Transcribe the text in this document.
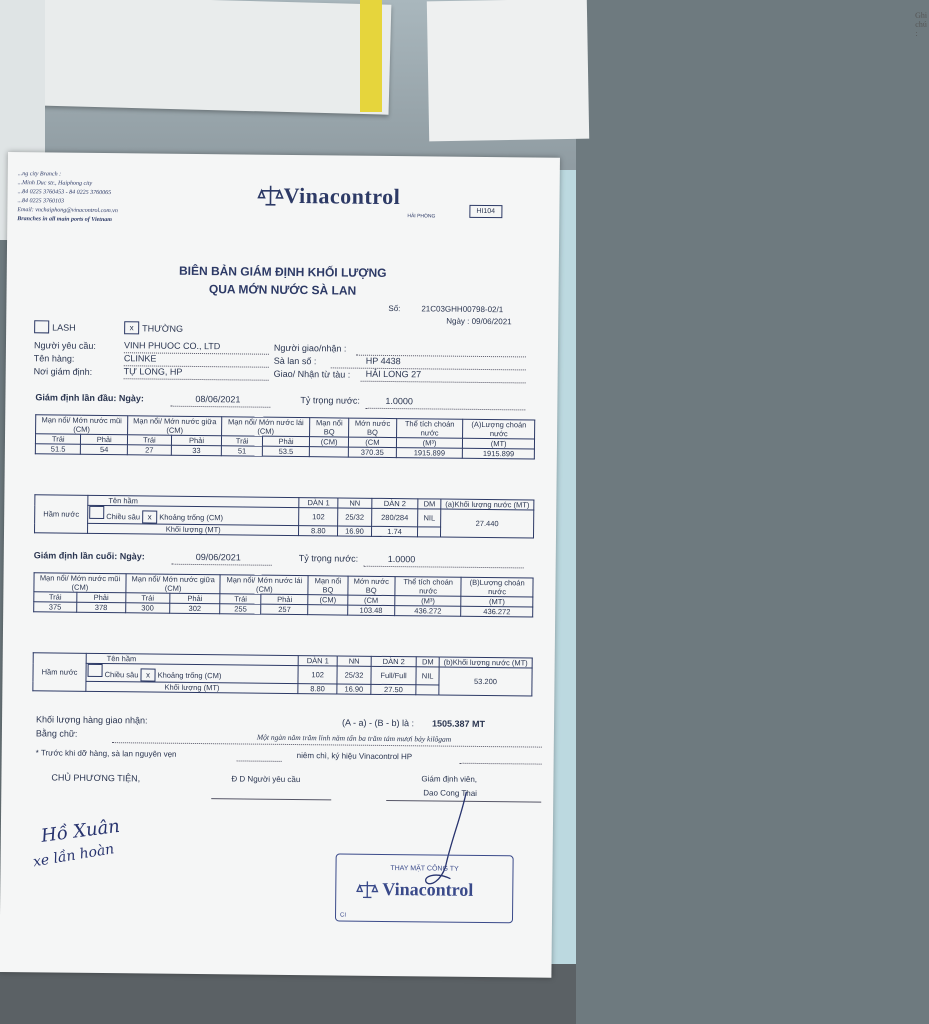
Ghi chú :
...ng city Branch :
...Minh Duc str., Haiphong city
...84 0225 3760453 - 84 0225 3760065
...84 0225 3760103
Email: vnchaiphong@vinacontrol.com.vn
Branches in all main ports of Vietnam
Vinacontrol
HẢI PHÒNG
HI104
BIÊN BẢN GIÁM ĐỊNH KHỐI LƯỢNG
QUA MỚN NƯỚC SÀ LAN
Số:	21C03GHH00798-02/1
Ngày : 09/06/2021
LASH	x THƯỜNG
Người yêu cầu:	VINH PHUOC CO., LTD	Người giao/nhận :
Tên hàng:	CLINKE	Sà lan số :	HP 4438
Nơi giám định:	TỰ LONG, HP	Giao/ Nhận từ tàu : HẢI LONG 27
Giám định lần đầu: Ngày:	08/06/2021	Tỷ trọng nước:	1.0000
Mạn nổi/ Mớn nước mũi (CM)		Mạn nổi/ Mớn nước giữa (CM)		Mạn nổi/ Mớn nước lái (CM)		Mạn nổi BQ	Mớn nước BQ	Thể tích choán nước	(A)Lượng choán nước
Trái	Phải	Trái	Phải	Trái	Phải	(CM)	(CM	(M³)	(MT)
51.5	54	27	33	51	53.5		370.35	1915.899	1915.899
Hầm nước	Tên hầm	DÀN 1	NN	DÀN 2	DM	(a)Khối lượng nước (MT)
	Chiều sâu x Khoảng trống (CM)	102	25/32	280/284	NIL	27.440
	Khối lượng (MT)	8.80	16.90	1.74		
Giám định lần cuối: Ngày:	09/06/2021	Tỷ trọng nước:	1.0000
Mạn nổi/ Mớn nước mũi (CM)		Mạn nổi/ Mớn nước giữa (CM)		Mạn nổi/ Mớn nước lái (CM)		Mạn nổi BQ	Mớn nước BQ	Thể tích choán nước	(B)Lượng choán nước
Trái	Phải	Trái	Phải	Trái	Phải	(CM)	(CM	(M³)	(MT)
375	378	300	302	255	257		103.48	436.272	436.272
Hầm nước	Tên hầm	DÀN 1	NN	DÀN 2	DM	(b)Khối lượng nước (MT)
	Chiều sâu x Khoảng trống (CM)	102	25/32	Full/Full	NIL	53.200
	Khối lượng (MT)	8.80	16.90	27.50		
Khối lượng hàng giao nhận:	(A - a) - (B - b) là : 1505.387 MT
Bằng chữ:	Một ngàn năm trăm linh năm tấn ba trăm tám mươi bảy kilôgam
* Trước khi dỡ hàng, sà lan nguyên vẹn	niêm chì, ký hiệu Vinacontrol HP
CHỦ PHƯƠNG TIỆN,	Đ D Người yêu cầu	Giám định viên,
Dao Cong Thai
Hồ Xuân
xe lần hoàn	THAY MẶT CÔNG TY
Vinacontrol
CI
